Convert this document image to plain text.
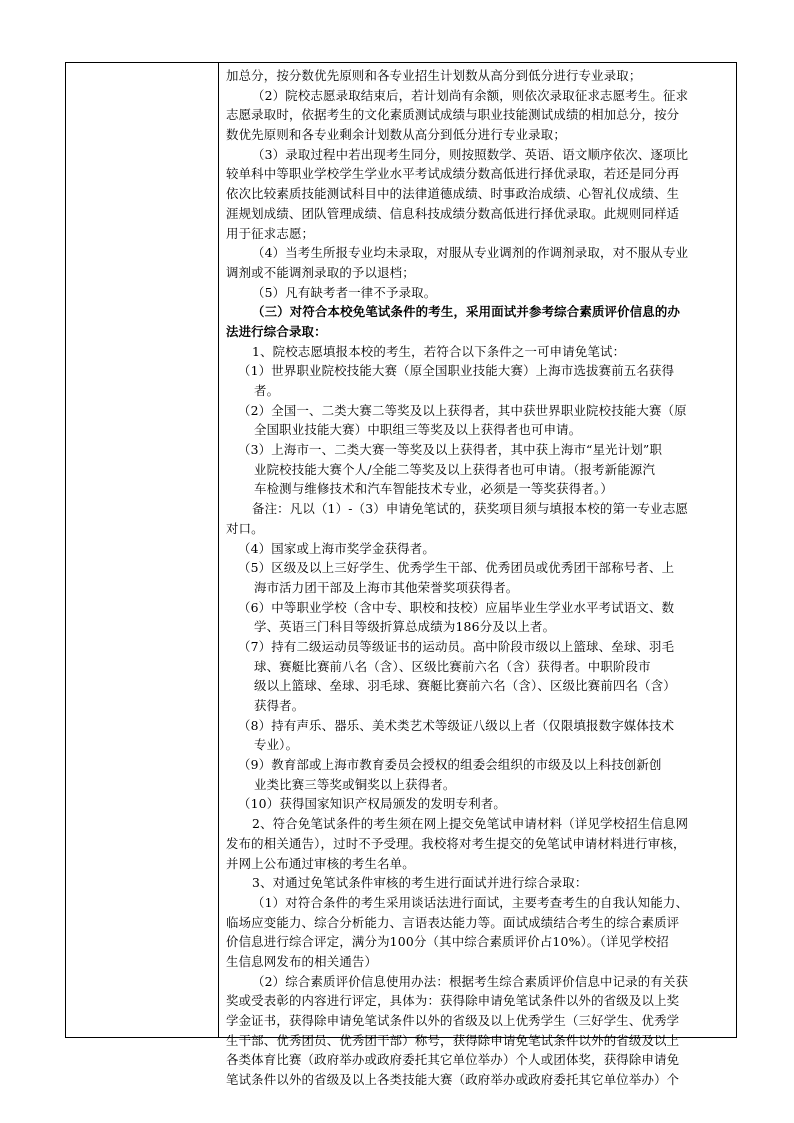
加总分，按分数优先原则和各专业招生计划数从高分到低分进行专业录取；
（2）院校志愿录取结束后，若计划尚有余额，则依次录取征求志愿考生。征求
志愿录取时，依据考生的文化素质测试成绩与职业技能测试成绩的相加总分，按分
数优先原则和各专业剩余计划数从高分到低分进行专业录取；
（3）录取过程中若出现考生同分，则按照数学、英语、语文顺序依次、逐项比
较单科中等职业学校学生学业水平考试成绩分数高低进行择优录取，若还是同分再
依次比较素质技能测试科目中的法律道德成绩、时事政治成绩、心智礼仪成绩、生
涯规划成绩、团队管理成绩、信息科技成绩分数高低进行择优录取。此规则同样适
用于征求志愿；
（4）当考生所报专业均未录取，对服从专业调剂的作调剂录取，对不服从专业
调剂或不能调剂录取的予以退档；
（5）凡有缺考者一律不予录取。
（三）对符合本校免笔试条件的考生，采用面试并参考综合素质评价信息的办
法进行综合录取：
1、院校志愿填报本校的考生，若符合以下条件之一可申请免笔试：
（1）世界职业院校技能大赛（原全国职业技能大赛）上海市选拔赛前五名获得
者。
（2）全国一、二类大赛二等奖及以上获得者，其中获世界职业院校技能大赛（原
全国职业技能大赛）中职组三等奖及以上获得者也可申请。
（3）上海市一、二类大赛一等奖及以上获得者，其中获上海市“星光计划”职
业院校技能大赛个人/全能二等奖及以上获得者也可申请。（报考新能源汽
车检测与维修技术和汽车智能技术专业，必须是一等奖获得者。）
备注：凡以（1）-（3）申请免笔试的，获奖项目须与填报本校的第一专业志愿
对口。
（4）国家或上海市奖学金获得者。
（5）区级及以上三好学生、优秀学生干部、优秀团员或优秀团干部称号者、上
海市活力团干部及上海市其他荣誉奖项获得者。
（6）中等职业学校（含中专、职校和技校）应届毕业生学业水平考试语文、数
学、英语三门科目等级折算总成绩为186分及以上者。
（7）持有二级运动员等级证书的运动员。高中阶段市级以上篮球、垒球、羽毛
球、赛艇比赛前八名（含）、区级比赛前六名（含）获得者。中职阶段市
级以上篮球、垒球、羽毛球、赛艇比赛前六名（含）、区级比赛前四名（含）
获得者。
（8）持有声乐、器乐、美术类艺术等级证八级以上者（仅限填报数字媒体技术
专业）。
（9）教育部或上海市教育委员会授权的组委会组织的市级及以上科技创新创
业类比赛三等奖或铜奖以上获得者。
（10）获得国家知识产权局颁发的发明专利者。
2、符合免笔试条件的考生须在网上提交免笔试申请材料（详见学校招生信息网
发布的相关通告），过时不予受理。我校将对考生提交的免笔试申请材料进行审核，
并网上公布通过审核的考生名单。
3、对通过免笔试条件审核的考生进行面试并进行综合录取：
（1）对符合条件的考生采用谈话法进行面试，主要考查考生的自我认知能力、
临场应变能力、综合分析能力、言语表达能力等。面试成绩结合考生的综合素质评
价信息进行综合评定，满分为100分（其中综合素质评价占10%）。（详见学校招
生信息网发布的相关通告）
（2）综合素质评价信息使用办法：根据考生综合素质评价信息中记录的有关获
奖或受表彰的内容进行评定，具体为：获得除申请免笔试条件以外的省级及以上奖
学金证书，获得除申请免笔试条件以外的省级及以上优秀学生（三好学生、优秀学
生干部、优秀团员、优秀团干部）称号，获得除申请免笔试条件以外的省级及以上
各类体育比赛（政府举办或政府委托其它单位举办）个人或团体奖，获得除申请免
笔试条件以外的省级及以上各类技能大赛（政府举办或政府委托其它单位举办）个
